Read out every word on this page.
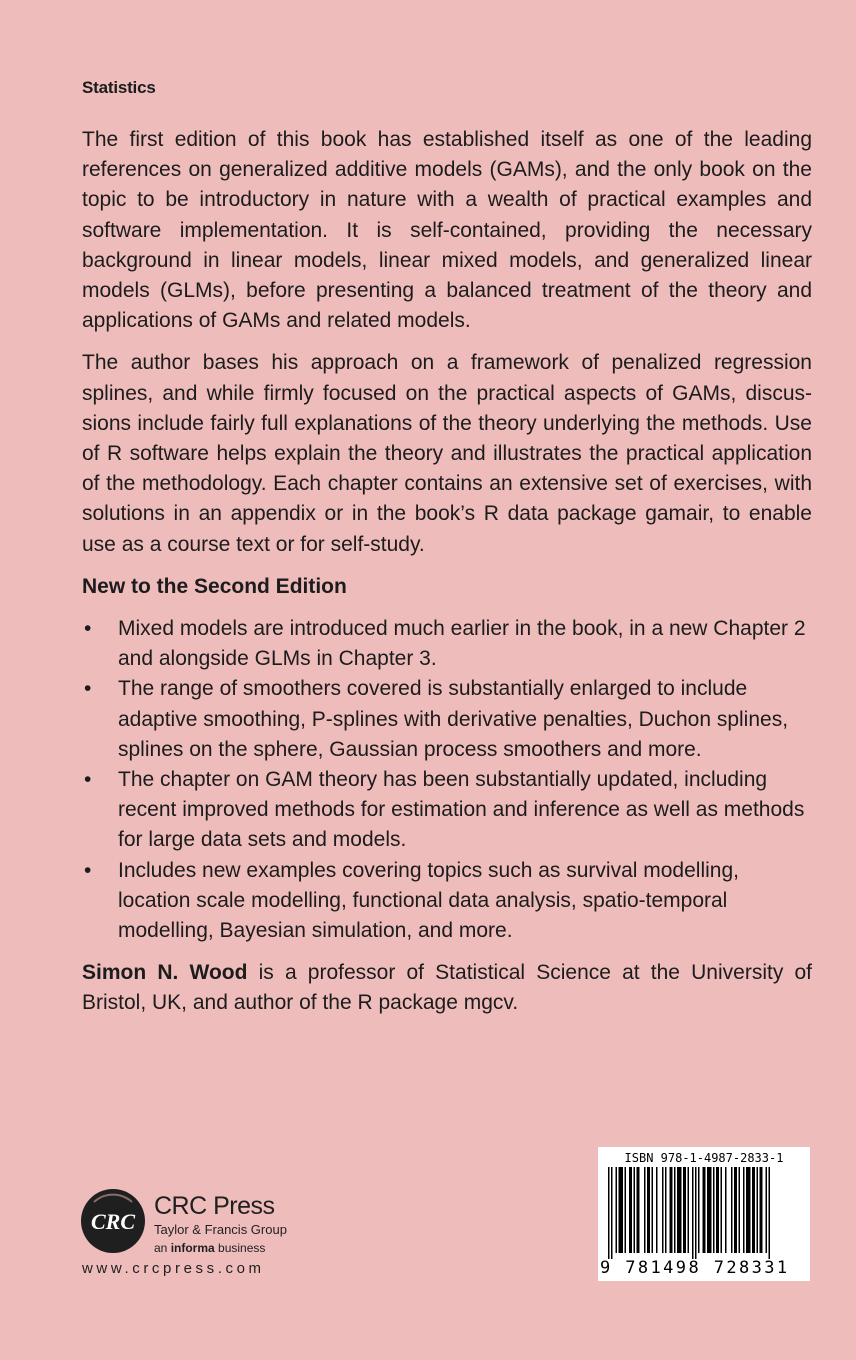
Statistics

The first edition of this book has established itself as one of the leading references on generalized additive models (GAMs), and the only book on the topic to be introductory in nature with a wealth of practical examples and software implementation. It is self-contained, providing the necessary background in linear models, linear mixed models, and generalized linear models (GLMs), before presenting a balanced treatment of the theory and applications of GAMs and related models.

The author bases his approach on a framework of penalized regression splines, and while firmly focused on the practical aspects of GAMs, discussions include fairly full explanations of the theory underlying the methods. Use of R software helps explain the theory and illustrates the practical application of the methodology. Each chapter contains an extensive set of exercises, with solutions in an appendix or in the book’s R data package gamair, to enable use as a course text or for self-study.

New to the Second Edition
• Mixed models are introduced much earlier in the book, in a new Chapter 2 and alongside GLMs in Chapter 3.
• The range of smoothers covered is substantially enlarged to include adaptive smoothing, P-splines with derivative penalties, Duchon splines, splines on the sphere, Gaussian process smoothers and more.
• The chapter on GAM theory has been substantially updated, including recent improved methods for estimation and inference as well as methods for large data sets and models.
• Includes new examples covering topics such as survival modelling, location scale modelling, functional data analysis, spatio-temporal modelling, Bayesian simulation, and more.

Simon N. Wood is a professor of Statistical Science at the University of Bristol, UK, and author of the R package mgcv.

CRC
CRC Press
Taylor & Francis Group
an informa business
www.crcpress.com
ISBN 978-1-4987-2833-1
9 781498 728331
